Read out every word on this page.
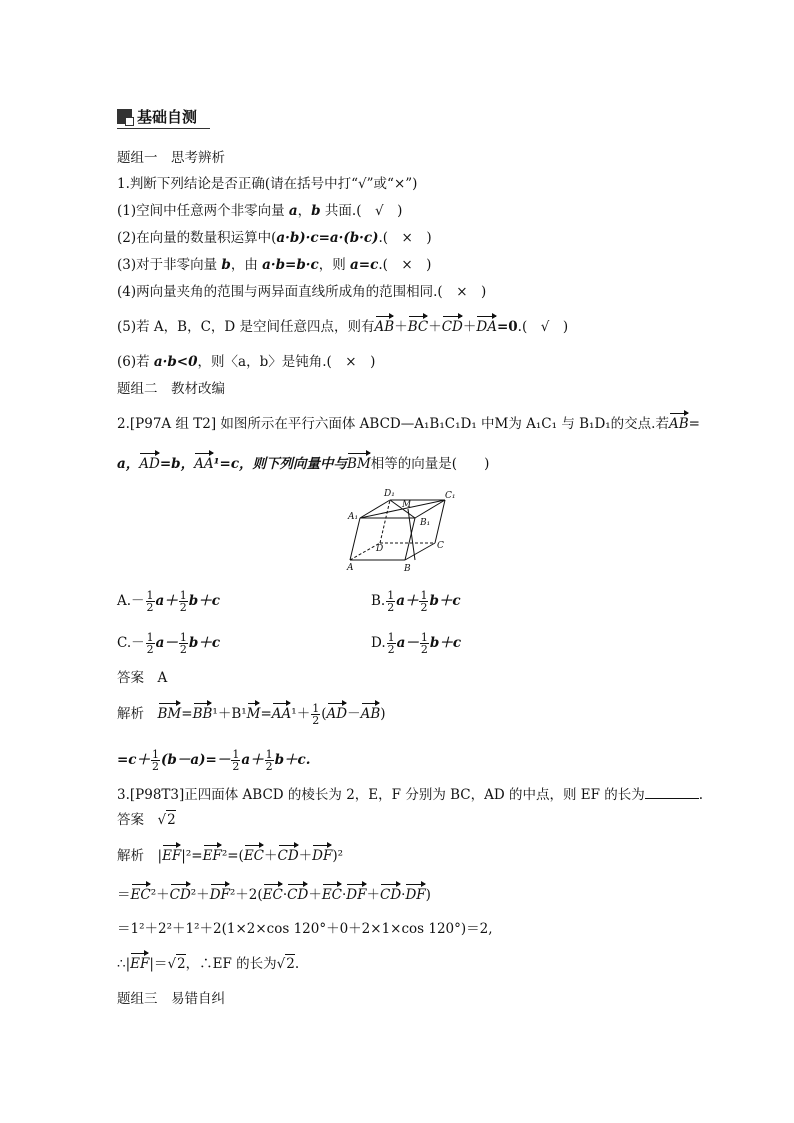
基础自测
题组一　思考辨析
1.判断下列结论是否正确(请在括号中打“√”或“×”)
(1)空间中任意两个非零向量 a，b 共面.(　√　)
(2)在向量的数量积运算中(a·b)·c=a·(b·c).(　×　)
(3)对于非零向量 b，由 a·b=b·c，则 a=c.(　×　)
(4)两向量夹角的范围与两异面直线所成角的范围相同.(　×　)
(5)若 A，B，C，D 是空间任意四点，则有AB＋BC＋CD＋DA=0.(　√　)
(6)若 a·b<0，则〈a，b〉是钝角.(　×　)
题组二　教材改编
2.[P97A 组 T2] 如图所示在平行六面体 ABCD—A₁B₁C₁D₁ 中M为 A₁C₁ 与 B₁D₁的交点.若AB=
a，AD=b，AA¹=c，则下列向量中与BM相等的向量是(　　)
D₁
M
C₁
A₁
B₁
D	C
A	B
$A.- \frac{1}{2} a+ \frac{1}{2} b+c$	B. $\frac{1}{2} a+ \frac{1}{2} b+c$
$C.- \frac{1}{2} a- \frac{1}{2} b+c$	D. $\frac{1}{2} a- \frac{1}{2} b+c$
答案　 A
解析　 $BM=BB^1+B^1M=AA^1+ \frac{1}{2} (AD-AB)$
$=c+ \frac{1}{2} (b-a)=- \frac{1}{2} a+ \frac{1}{2} b+c$.
3.[P98T3]正四面体 ABCD 的棱长为 2，E，F 分别为 BC，AD 的中点，则 EF 的长为	.
答案　√2
解析　 |EF|²=EF²=(EC＋CD＋DF)²
＝EC²＋CD²＋DF²＋2(EC·CD＋EC·DF＋CD·DF)
＝1²＋2²＋1²＋2(1×2×cos 120°＋0＋2×1×cos 120°)＝2,
∴|EF|＝√2，∴EF 的长为√2.
题组三　易错自纠
